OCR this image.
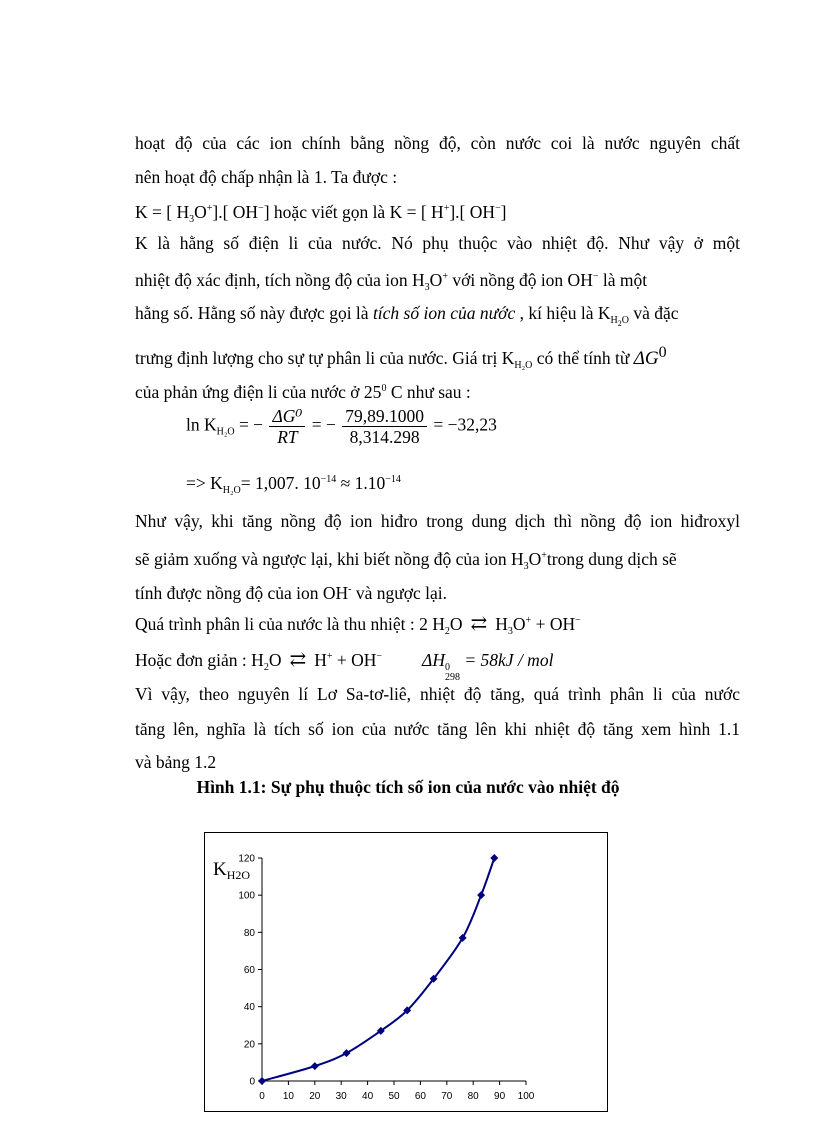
hoạt độ của các ion chính bằng nồng độ, còn nước coi là nước nguyên chất
nên hoạt độ chấp nhận là 1. Ta được :
K = [ $H_3O^+$].[ OH−] hoặc viết gọn là K = [ H+].[ OH−]
K là hằng số điện li của nước. Nó phụ thuộc vào nhiệt độ. Như vậy ở một
nhiệt độ xác định, tích nồng độ của ion $H_3O^+$ với nồng độ ion OH− là một
hằng số. Hằng số này được gọi là tích số ion của nước , kí hiệu là $K_{H2O}$ và đặc
trưng định lượng cho sự tự phân li của nước. Giá trị $K_{H_2O}$ có thể tính từ ΔG0
của phản ứng điện li của nước ở $25^0$ C như sau :
$\ln K_{H_2O}$ = − $\frac{\text{ΔG⁰}}{RT}$ = − $\frac{79,89.1000}{8,314.298} = -32,23$
=> $K_{H_2O}= 1,007$. $10^{-14} \approx 1.10^{-14}$
Như vậy, khi tăng nồng độ ion hiđro trong dung dịch thì nồng độ ion hiđroxyl
sẽ giảm xuống và ngược lại, khi biết nồng độ của ion $H_3O^+trong$ dung dịch sẽ
tính được nồng độ của ion OH- và ngược lại.
Quá trình phân li của nước là thu nhiệt : 2 $H_2O$ ⇄ $H_3O^+ + OH^-$
Hoặc đơn giản : $H_2O$ ⇄ H+ + OH− ΔH 0
298
= 58kJ / mol
Vì vậy, theo nguyên lí Lơ Sa-tơ-liê, nhiệt độ tăng, quá trình phân li của nước
tăng lên, nghĩa là tích số ion của nước tăng lên khi nhiệt độ tăng xem hình 1.1
và bảng 1.2
Hình 1.1: Sự phụ thuộc tích số ion của nước vào nhiệt độ
0
20
40
60
80
100
120
0 10 20 30 40 50 60 70 80 90 100
$K_{H2O}$
